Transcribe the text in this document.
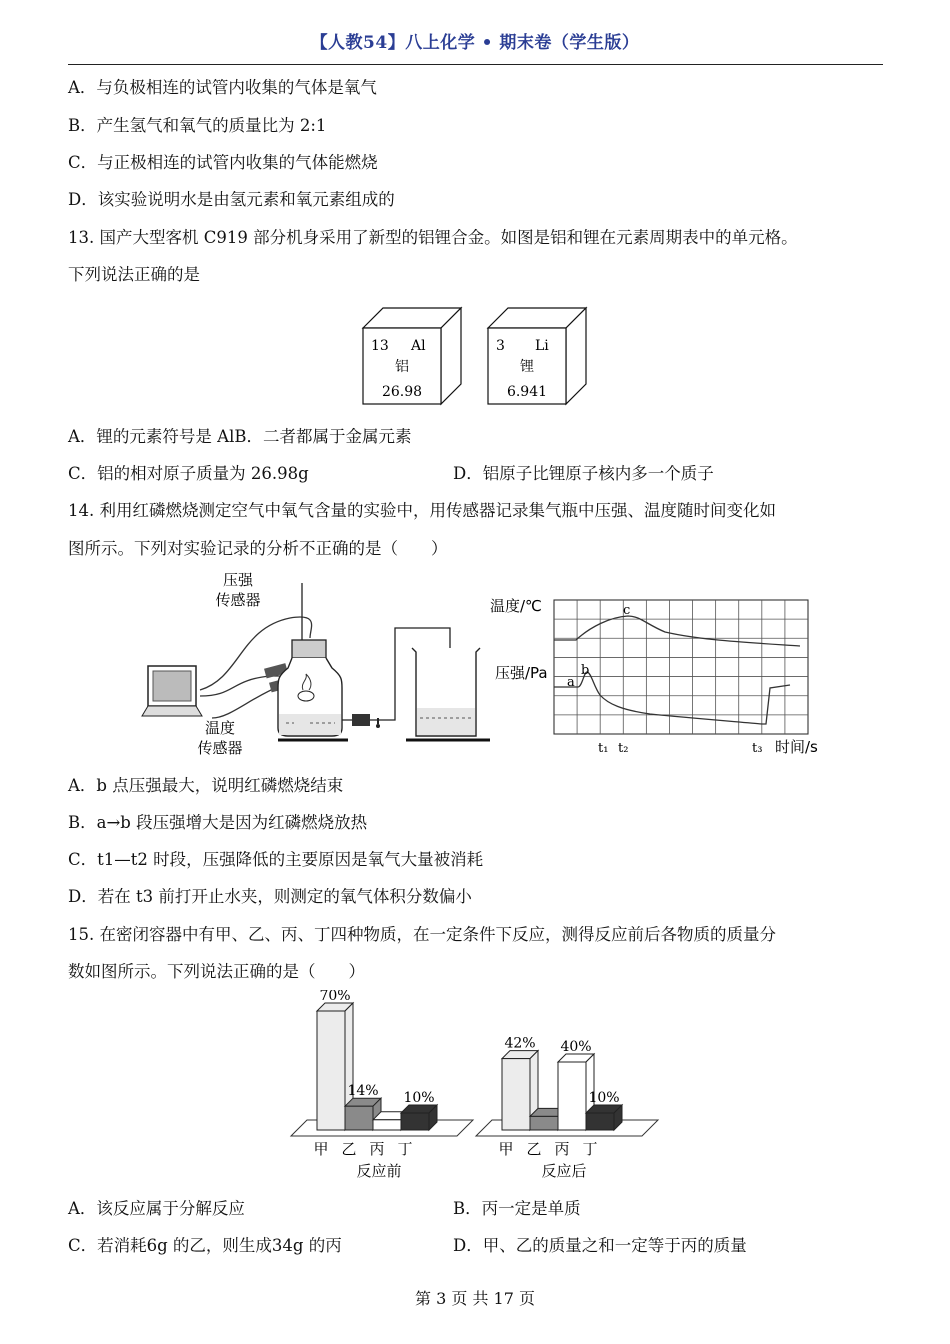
【人教54】八上化学 • 期末卷（学生版）
A．与负极相连的试管内收集的气体是氧气
B．产生氢气和氧气的质量比为 2:1
C．与正极相连的试管内收集的气体能燃烧
D．该实验说明水是由氢元素和氧元素组成的
13. 国产大型客机 C919 部分机身采用了新型的铝锂合金。如图是铝和锂在元素周期表中的单元格。
下列说法正确的是
13 Al
铝
26.98
3 Li
锂
6.941
A．锂的元素符号是 AlB．二者都属于金属元素
C．铝的相对原子质量为 26.98g	D．铝原子比锂原子核内多一个质子
14. 利用红磷燃烧测定空气中氧气含量的实验中，用传感器记录集气瓶中压强、温度随时间变化如
图所示。下列对实验记录的分析不正确的是（　　）
压强
传感器
温度
传感器
温度/℃
压强/Pa
a
b
c
t₁ t₂	t₃ 时间/s
A．b 点压强最大，说明红磷燃烧结束
B．a→b 段压强增大是因为红磷燃烧放热
C．t1—t2 时段，压强降低的主要原因是氧气大量被消耗
D．若在 t3 前打开止水夹，则测定的氧气体积分数偏小
15. 在密闭容器中有甲、乙、丙、丁四种物质，在一定条件下反应，测得反应前后各物质的质量分
数如图所示。下列说法正确的是（　　）
70%
甲
14%
乙 丙
10%
丁
反应前
42%
甲 乙
40%
丙
10%
丁
反应后
A．该反应属于分解反应	B．丙一定是单质
C．若消耗6g 的乙，则生成34g 的丙	D．甲、乙的质量之和一定等于丙的质量
第 3 页 共 17 页
